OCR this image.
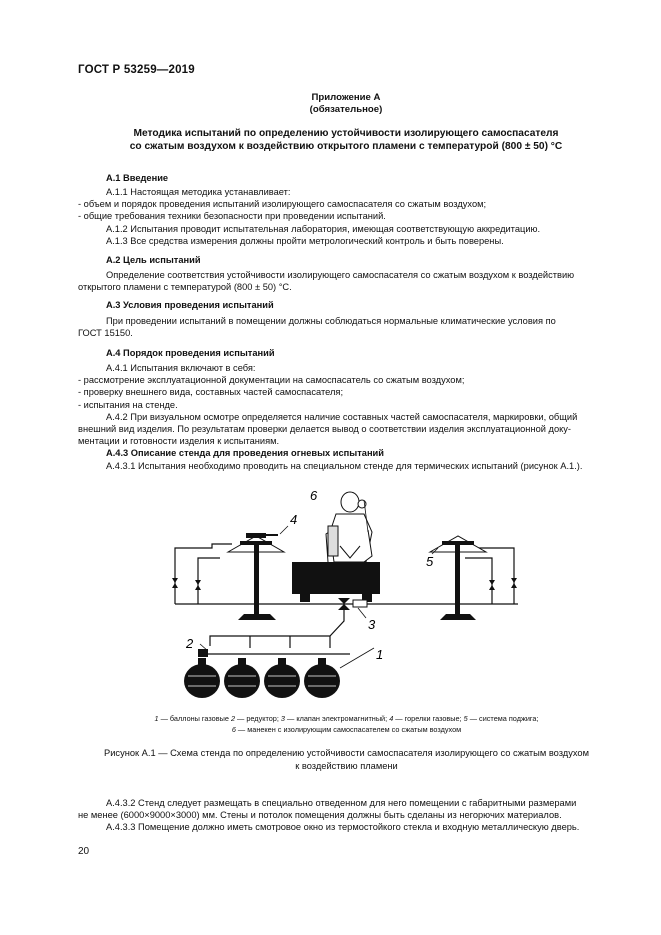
ГОСТ Р 53259—2019
Приложение А
(обязательное)
Методика испытаний по определению устойчивости изолирующего самоспасателя
со сжатым воздухом к воздействию открытого пламени с температурой (800 ± 50) °С
А.1 Введение
А.1.1 Настоящая методика устанавливает:
- объем и порядок проведения испытаний изолирующего самоспасателя со сжатым воздухом;
- общие требования техники безопасности при проведении испытаний.
А.1.2 Испытания проводит испытательная лаборатория, имеющая соответствующую аккредитацию.
А.1.3 Все средства измерения должны пройти метрологический контроль и быть поверены.
А.2 Цель испытаний
Определение соответствия устойчивости изолирующего самоспасателя со сжатым воздухом к воздействию
открытого пламени с температурой (800 ± 50) °С.
А.3 Условия проведения испытаний
При проведении испытаний в помещении должны соблюдаться нормальные климатические условия по
ГОСТ 15150.
А.4 Порядок проведения испытаний
А.4.1 Испытания включают в себя:
- рассмотрение эксплуатационной документации на самоспасатель со сжатым воздухом;
- проверку внешнего вида, составных частей самоспасателя;
- испытания на стенде.
А.4.2 При визуальном осмотре определяется наличие составных частей самоспасателя, маркировки, общий
внешний вид изделия. По результатам проверки делается вывод о соответствии изделия эксплуатационной доку-
ментации и готовности изделия к испытаниям.
А.4.3 Описание стенда для проведения огневых испытаний
А.4.3.1 Испытания необходимо проводить на специальном стенде для термических испытаний (рисунок А.1.).
4
6
5
3
2
1
1 — баллоны газовые 2 — редуктор; 3 — клапан электромагнитный; 4 — горелки газовые; 5 — система поджига;
6 — манекен с изолирующим самоспасателем со сжатым воздухом
Рисунок А.1 — Схема стенда по определению устойчивости самоспасателя изолирующего со сжатым воздухом
к воздействию пламени
А.4.3.2 Стенд следует размещать в специально отведенном для него помещении с габаритными размерами
не менее (6000×9000×3000) мм. Стены и потолок помещения должны быть сделаны из негорючих материалов.
А.4.3.3 Помещение должно иметь смотровое окно из термостойкого стекла и входную металлическую дверь.
20
